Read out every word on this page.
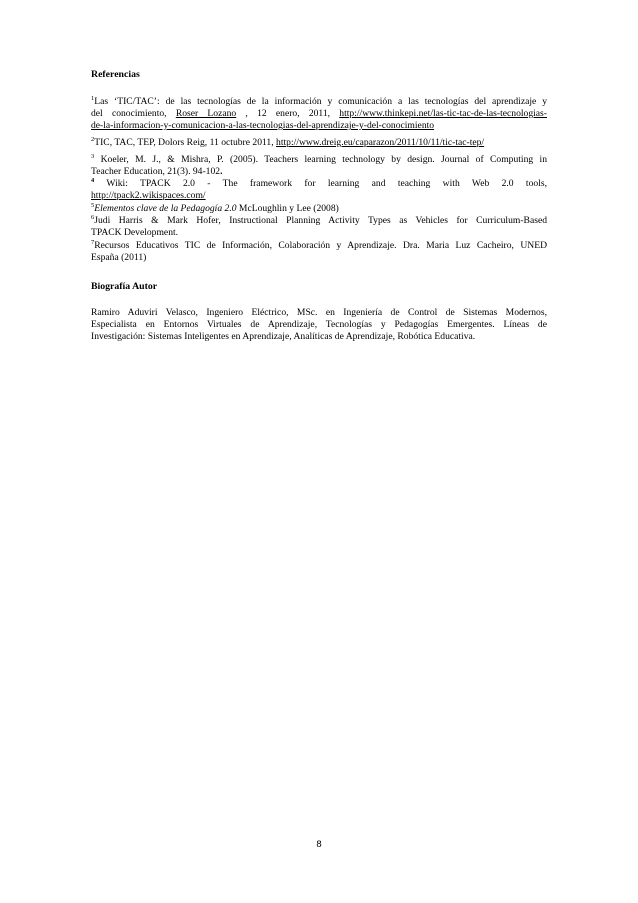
Referencias
$^1$Las ‘TIC/TAC’: de las tecnologías de la información y comunicación a las tecnologías del aprendizaje y
del conocimiento, Roser Lozano , 12 enero, 2011, http://www.thinkepi.net/las-tic-tac-de-las-tecnologias-
de-la-informacion-y-comunicacion-a-las-tecnologias-del-aprendizaje-y-del-conocimiento
$^2$TIC, TAC, TEP, Dolors Reig, 11 octubre 2011, http://www.dreig.eu/caparazon/2011/10/11/tic-tac-tep/
$^3$ Koeler, M. J., & Mishra, P. (2005). Teachers learning technology by design. Journal of Computing in
Teacher Education, 21(3). 94-102.
$^4$ Wiki: TPACK 2.0 - The framework for learning and teaching with Web 2.0 tools,
http://tpack2.wikispaces.com/
$^5$Elementos clave de la Pedagogía 2.0 McLoughlin y Lee (2008)
$^6$Judi Harris & Mark Hofer, Instructional Planning Activity Types as Vehicles for Curriculum-Based
TPACK Development.
$^7$Recursos Educativos TIC de Información, Colaboración y Aprendizaje. Dra. Maria Luz Cacheiro, UNED
España (2011)
Biografía Autor
Ramiro Aduviri Velasco, Ingeniero Eléctrico, MSc. en Ingeniería de Control de Sistemas Modernos,
Especialista en Entornos Virtuales de Aprendizaje, Tecnologías y Pedagogías Emergentes. Líneas de
Investigación: Sistemas Inteligentes en Aprendizaje, Analíticas de Aprendizaje, Robótica Educativa.
8
